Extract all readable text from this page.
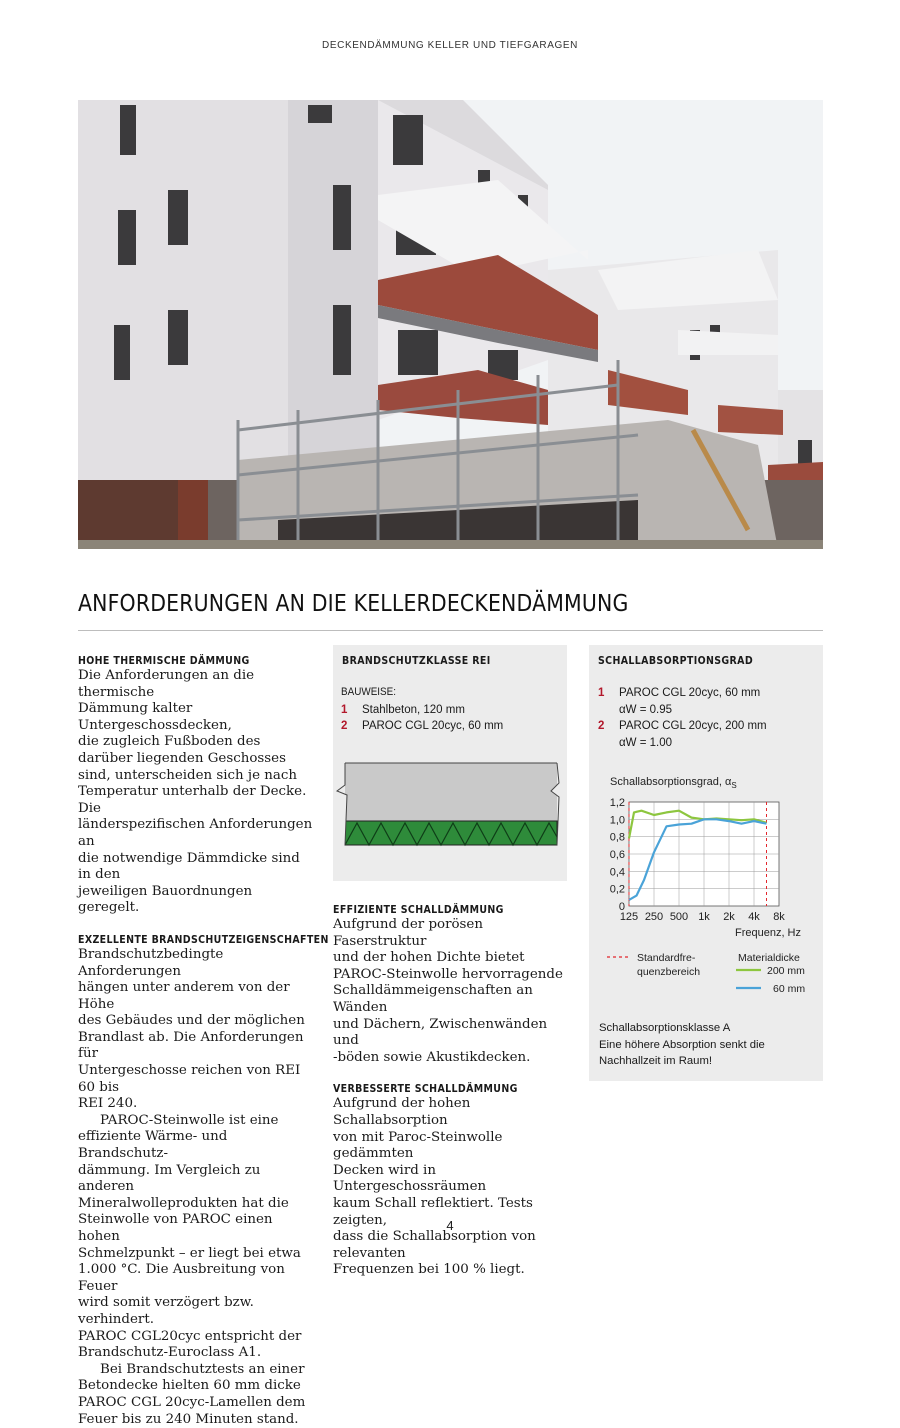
DECKENDÄMMUNG KELLER UND TIEFGARAGEN
ANFORDERUNGEN AN DIE KELLERDECKENDÄMMUNG
HOHE THERMISCHE DÄMMUNG

Die Anforderungen an die thermische
Dämmung kalter Untergeschossdecken,
die zugleich Fußboden des
darüber liegenden Geschosses
sind, unterscheiden sich je nach
Temperatur unterhalb der Decke. Die
länderspezifischen Anforderungen an
die notwendige Dämmdicke sind in den
jeweiligen Bauordnungen geregelt.

EXZELLENTE BRANDSCHUTZEIGENSCHAFTEN

Brandschutzbedingte Anforderungen
hängen unter anderem von der Höhe
des Gebäudes und der möglichen
Brandlast ab. Die Anforderungen für
Untergeschosse reichen von REI 60 bis
REI 240.

PAROC-Steinwolle ist eine
effiziente Wärme- und Brandschutz-
dämmung. Im Vergleich zu anderen
Mineralwolleprodukten hat die
Steinwolle von PAROC einen hohen
Schmelzpunkt – er liegt bei etwa
1.000 °C. Die Ausbreitung von Feuer
wird somit verzögert bzw. verhindert.
PAROC CGL20cyc entspricht der
Brandschutz-Euroclass A1.

Bei Brandschutztests an einer
Betondecke hielten 60 mm dicke
PAROC CGL 20cyc-Lamellen dem
Feuer bis zu 240 Minuten stand.

BRANDSCHUTZKLASSE REI
BAUWEISE:
1 Stahlbeton, 120 mm
2 PAROC CGL 20cyc, 60 mm
EFFIZIENTE SCHALLDÄMMUNG

Aufgrund der porösen Faserstruktur
und der hohen Dichte bietet
PAROC-Steinwolle hervorragende
Schalldämmeigenschaften an Wänden
und Dächern, Zwischenwänden und
-böden sowie Akustikdecken.

VERBESSERTE SCHALLDÄMMUNG

Aufgrund der hohen Schallabsorption
von mit Paroc-Steinwolle gedämmten
Decken wird in Untergeschossräumen
kaum Schall reflektiert. Tests zeigten,
dass die Schallabsorption von relevanten
Frequenzen bei 100 % liegt.

SCHALLABSORPTIONSGRAD
1 PAROC CGL 20cyc, 60 mm
αW = 0.95
2 PAROC CGL 20cyc, 200 mm
αW = 1.00
Schallabsorptionsgrad, $\alpha_S$
1,2
1,0
0,8
0,6
0,4
0,2
0
125 250 500 1k 2k 4k 8k
Frequenz, Hz
Standardfre-
quenzbereich
Materialdicke
200 mm
60 mm
Schallabsorptionsklasse A
Eine höhere Absorption senkt die
Nachhallzeit im Raum!
4
